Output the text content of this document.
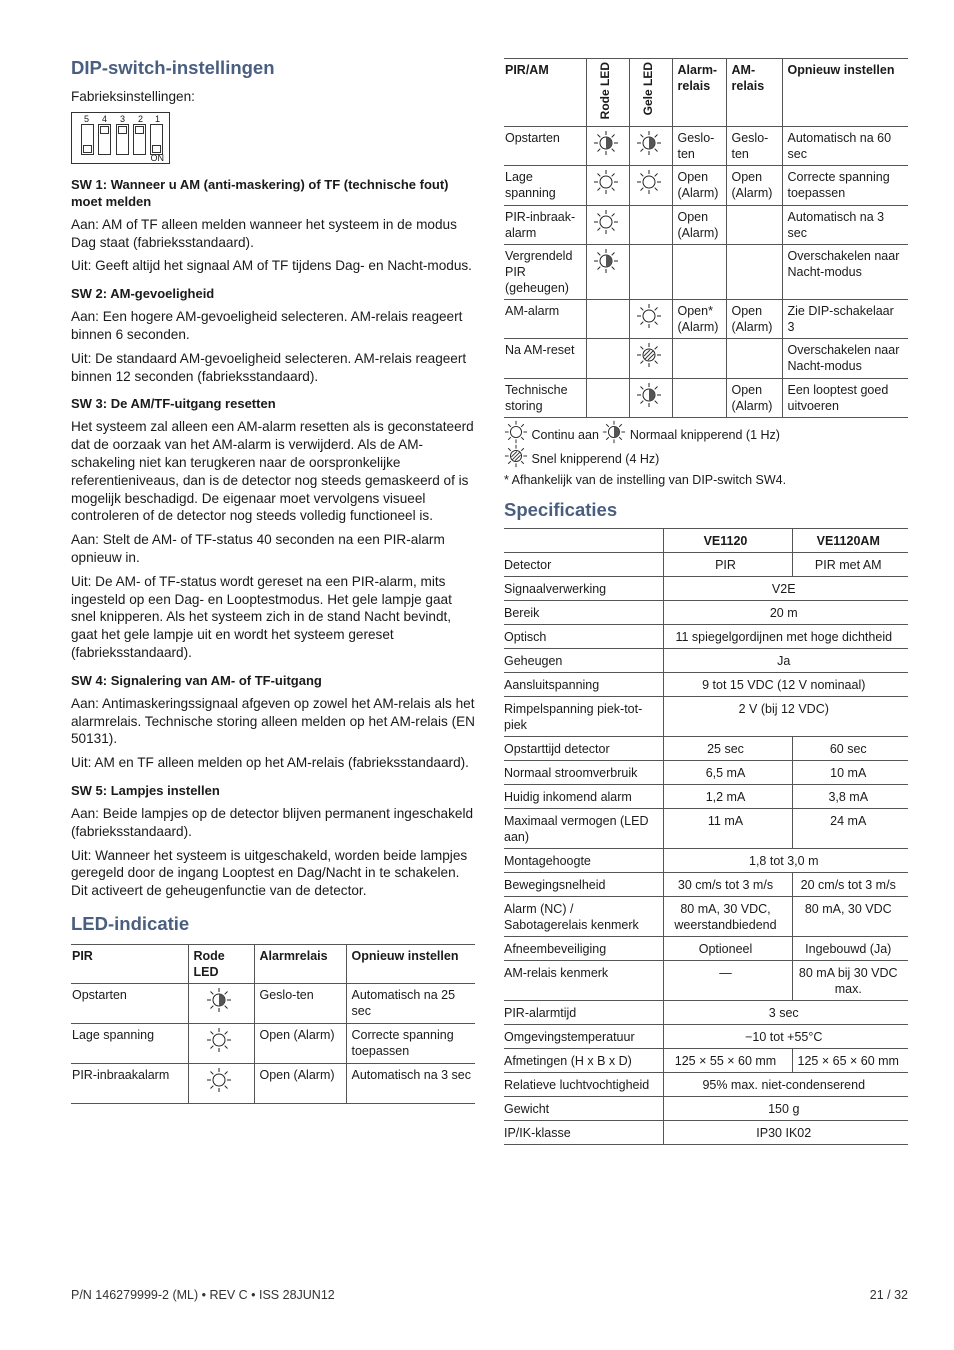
DIP-switch-instellingen

Fabrieksinstellingen:

5 4 3 2 1
ON
SW 1: Wanneer u AM (anti-maskering) of TF (technische fout) moet melden

Aan: AM of TF alleen melden wanneer het systeem in de modus Dag staat (fabrieksstandaard).

Uit: Geeft altijd het signaal AM of TF tijdens Dag- en Nacht-modus.

SW 2: AM-gevoeligheid

Aan: Een hogere AM-gevoeligheid selecteren. AM-relais reageert binnen 6 seconden.

Uit: De standaard AM-gevoeligheid selecteren. AM-relais reageert binnen 12 seconden (fabrieksstandaard).

SW 3: De AM/TF-uitgang resetten

Het systeem zal alleen een AM-alarm resetten als is geconstateerd dat de oorzaak van het AM-alarm is verwijderd. Als de AM-schakeling niet kan terugkeren naar de oorspronkelijke referentieniveaus, dan is de detector nog steeds gemaskeerd of is mogelijk beschadigd. De eigenaar moet vervolgens visueel controleren of de detector nog steeds volledig functioneel is.

Aan: Stelt de AM- of TF-status 40 seconden na een PIR-alarm opnieuw in.

Uit: De AM- of TF-status wordt gereset na een PIR-alarm, mits ingesteld op een Dag- en Looptestmodus. Het gele lampje gaat snel knipperen. Als het systeem zich in de stand Nacht bevindt, gaat het gele lampje uit en wordt het systeem gereset (fabrieksstandaard).

SW 4: Signalering van AM- of TF-uitgang

Aan: Antimaskeringssignaal afgeven op zowel het AM-relais als het alarmrelais. Technische storing alleen melden op het AM-relais (EN 50131).

Uit: AM en TF alleen melden op het AM-relais (fabrieksstandaard).

SW 5: Lampjes instellen

Aan: Beide lampjes op de detector blijven permanent ingeschakeld (fabrieksstandaard).

Uit: Wanneer het systeem is uitgeschakeld, worden beide lampjes geregeld door de ingang Looptest en Dag/Nacht in te schakelen. Dit activeert de geheugenfunctie van de detector.

LED-indicatie
PIR	Rode LED	Alarmrelais	Opnieuw instellen
Opstarten		Geslo-ten	Automatisch na 25 sec
Lage spanning		Open (Alarm)	Correcte spanning toepassen
PIR-inbraakalarm		Open (Alarm)	Automatisch na 3 sec
PIR/AM	Rode LED	Gele LED	Alarm-relais	AM-relais	Opnieuw instellen
Opstarten			Geslo-ten	Geslo-ten	Automatisch na 60 sec
Lage spanning			Open (Alarm)	Open (Alarm)	Correcte spanning toepassen
PIR-inbraak-alarm			Open (Alarm)		Automatisch na 3 sec
Vergrendeld PIR (geheugen)					Overschakelen naar Nacht-modus
AM-alarm			Open* (Alarm)	Open (Alarm)	Zie DIP-schakelaar 3
Na AM-reset					Overschakelen naar Nacht-modus
Technische storing				Open (Alarm)	Een looptest goed uitvoeren
Continu aan Normaal knipperend (1 Hz)
Snel knipperend (4 Hz)

* Afhankelijk van de instelling van DIP-switch SW4.

Specificaties
	VE1120	VE1120AM
Detector	PIR	PIR met AM
Signaalverwerking	V2E	
Bereik	20 m	
Optisch	11 spiegelgordijnen met hoge dichtheid	
Geheugen	Ja	
Aansluitspanning	9 tot 15 VDC (12 V nominaal)	
Rimpelspanning piek-tot-piek	2 V (bij 12 VDC)	
Opstarttijd detector	25 sec	60 sec
Normaal stroomverbruik	6,5 mA	10 mA
Huidig inkomend alarm	1,2 mA	3,8 mA
Maximaal vermogen (LED aan)	11 mA	24 mA
Montagehoogte	1,8 tot 3,0 m	
Bewegingsnelheid	30 cm/s tot 3 m/s	20 cm/s tot 3 m/s
Alarm (NC) / Sabotagerelais kenmerk	80 mA, 30 VDC, weerstandbiedend	80 mA, 30 VDC
Afneembeveiliging	Optioneel	Ingebouwd (Ja)
AM-relais kenmerk	—	80 mA bij 30 VDC max.
PIR-alarmtijd	3 sec	
Omgevingstemperatuur	−10 tot +55°C	
Afmetingen (H x B x D)	125 × 55 × 60 mm	125 × 65 × 60 mm
Relatieve luchtvochtigheid	95% max. niet-condenserend	
Gewicht	150 g	
IP/IK-klasse	IP30 IK02	
P/N 146279999-2 (ML) • REV C • ISS 28JUN12	21 / 32
